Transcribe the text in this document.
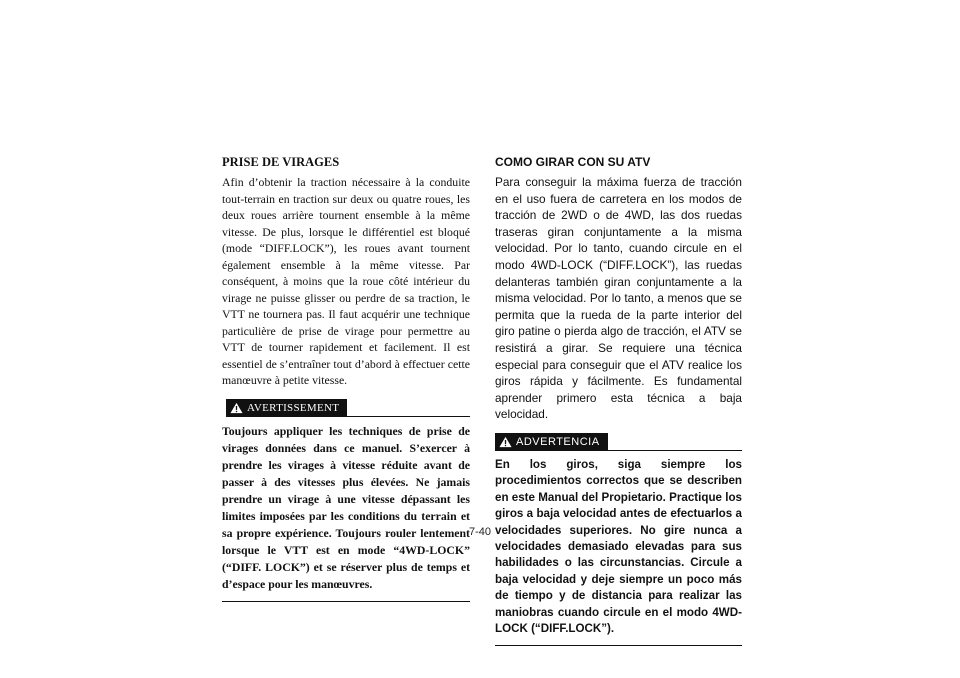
PRISE DE VIRAGES

Afin d’obtenir la traction nécessaire à la conduite tout-terrain en traction sur deux ou quatre roues, les deux roues arrière tournent ensemble à la même vitesse. De plus, lorsque le différentiel est bloqué (mode “DIFF.LOCK”), les roues avant tournent également ensemble à la même vitesse. Par conséquent, à moins que la roue côté intérieur du virage ne puisse glisser ou perdre de sa traction, le VTT ne tournera pas. Il faut acquérir une technique particulière de prise de virage pour permettre au VTT de tourner rapidement et facilement. Il est essentiel de s’entraîner tout d’abord à effectuer cette manœuvre à petite vitesse.

AVERTISSEMENT

Toujours appliquer les techniques de prise de virages données dans ce manuel. S’exercer à prendre les virages à vitesse réduite avant de passer à des vitesses plus élevées. Ne jamais prendre un virage à une vitesse dépassant les limites imposées par les conditions du terrain et sa propre expérience. Toujours rouler lentement lorsque le VTT est en mode “4WD-LOCK” (“DIFF. LOCK”) et se réserver plus de temps et d’espace pour les manœuvres.

COMO GIRAR CON SU ATV

Para conseguir la máxima fuerza de tracción en el uso fuera de carretera en los modos de tracción de 2WD o de 4WD, las dos ruedas traseras giran conjuntamente a la misma velocidad. Por lo tanto, cuando circule en el modo 4WD-LOCK (“DIFF.LOCK”), las ruedas delanteras también giran conjuntamente a la misma velocidad. Por lo tanto, a menos que se permita que la rueda de la parte interior del giro patine o pierda algo de tracción, el ATV se resistirá a girar. Se requiere una técnica especial para conseguir que el ATV realice los giros rápida y fácilmente. Es fundamental aprender primero esta técnica a baja velocidad.

ADVERTENCIA

En los giros, siga siempre los procedimientos correctos que se describen en este Manual del Propietario. Practique los giros a baja velocidad antes de efectuarlos a velocidades superiores. No gire nunca a velocidades demasiado elevadas para sus habilidades o las circunstancias. Circule a baja velocidad y deje siempre un poco más de tiempo y de distancia para realizar las maniobras cuando circule en el modo 4WD-LOCK (“DIFF.LOCK”).

7-40
